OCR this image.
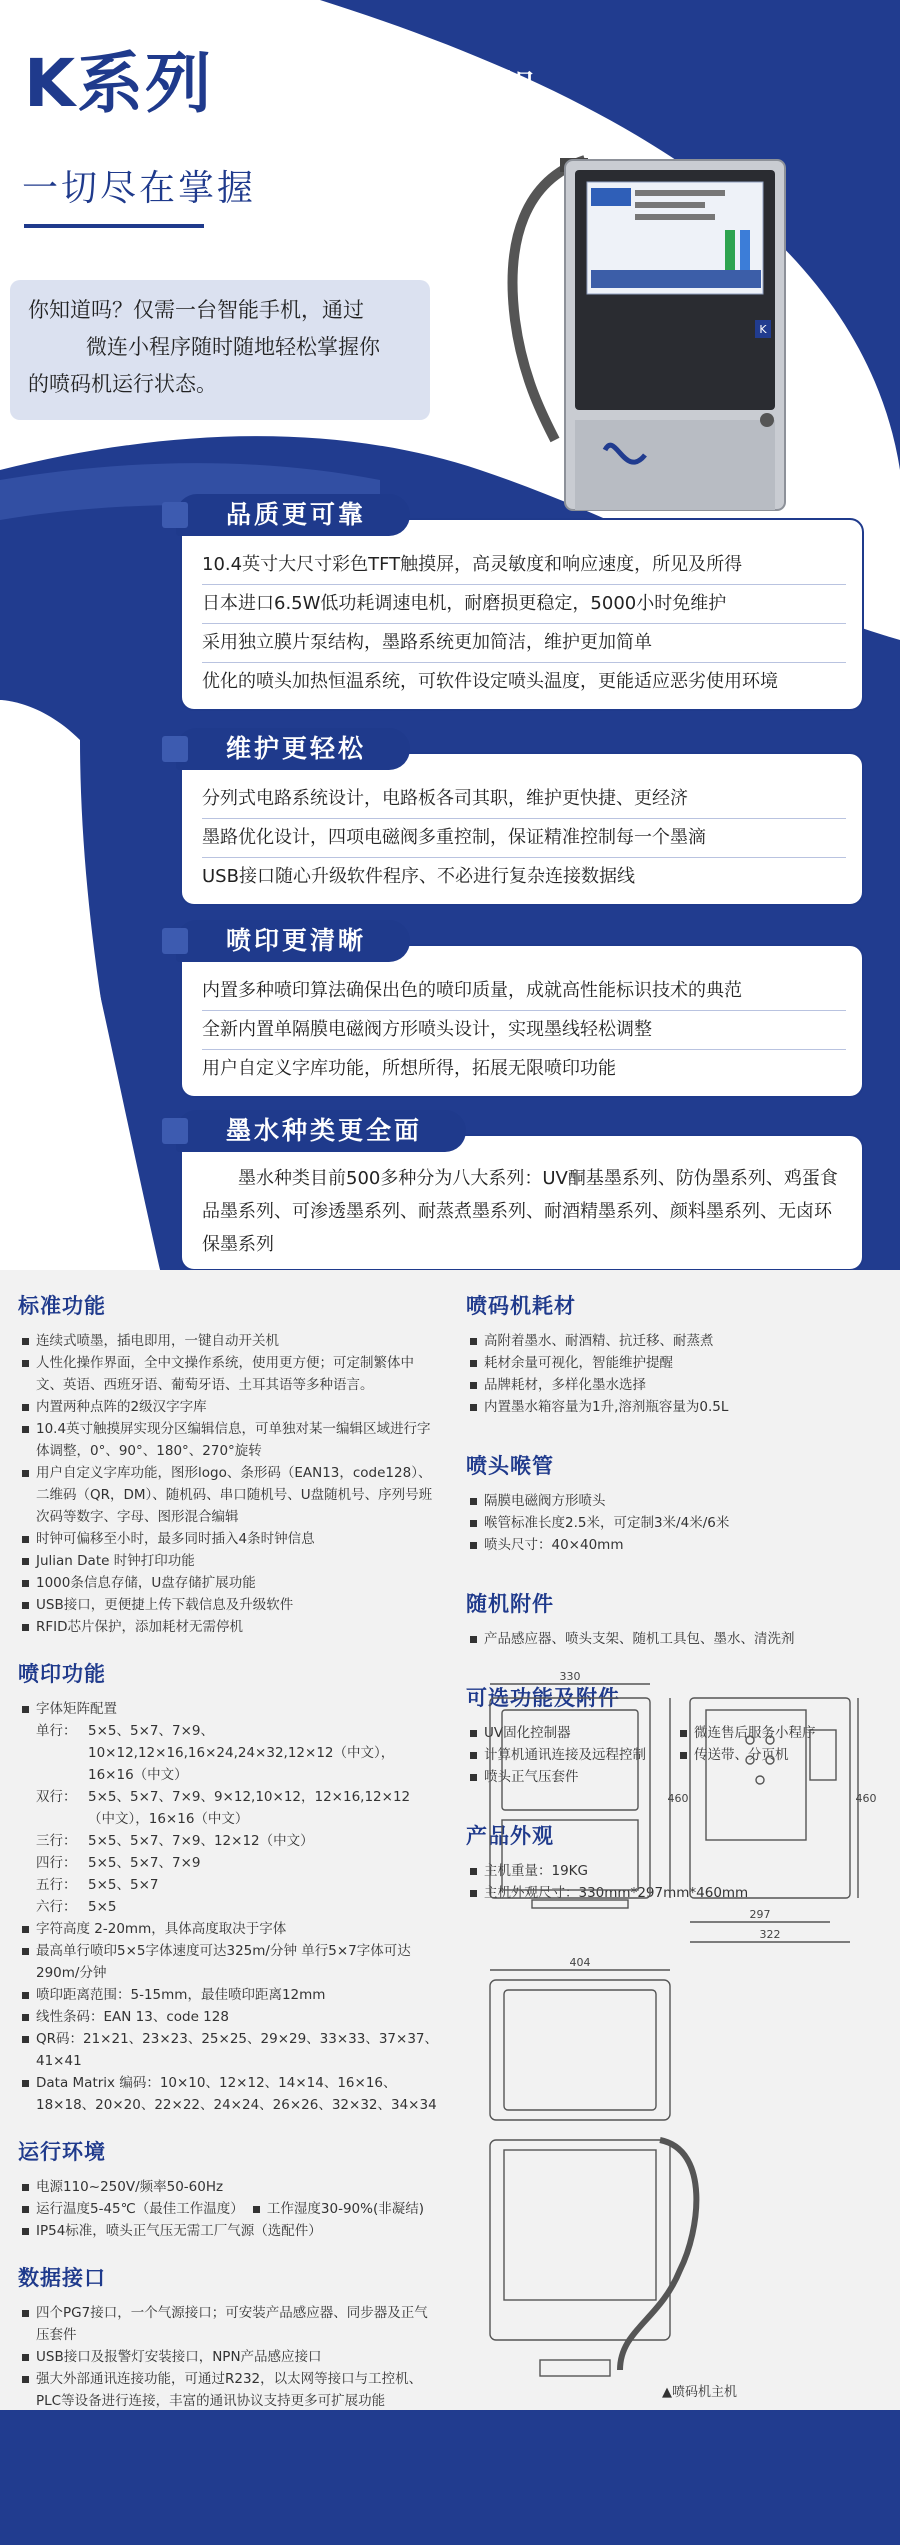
K系列 小字符喷码机
一切尽在掌握

你知道吗？仅需一台智能手机，通过

微连小程序随时随地轻松掌握你

的喷码机运行状态。

K
品质更可靠
10.4英寸大尺寸彩色TFT触摸屏，高灵敏度和响应速度，所见及所得
日本进口6.5W低功耗调速电机，耐磨损更稳定，5000小时免维护
采用独立膜片泵结构，墨路系统更加简洁，维护更加简单
优化的喷头加热恒温系统，可软件设定喷头温度，更能适应恶劣使用环境
维护更轻松
分列式电路系统设计，电路板各司其职，维护更快捷、更经济
墨路优化设计，四项电磁阀多重控制，保证精准控制每一个墨滴
USB接口随心升级软件程序、不必进行复杂连接数据线
喷印更清晰
内置多种喷印算法确保出色的喷印质量，成就高性能标识技术的典范
全新内置单隔膜电磁阀方形喷头设计，实现墨线轻松调整
用户自定义字库功能，所想所得，拓展无限喷印功能
墨水种类更全面
墨水种类目前500多种分为八大系列：UV酮基墨系列、防伪墨系列、鸡蛋食品墨系列、可渗透墨系列、耐蒸煮墨系列、耐酒精墨系列、颜料墨系列、无卤环保墨系列
标准功能
连续式喷墨，插电即用，一键自动开关机
人性化操作界面，全中文操作系统，使用更方便；可定制繁体中文、英语、西班牙语、葡萄牙语、土耳其语等多种语言。
内置两种点阵的2级汉字字库
10.4英寸触摸屏实现分区编辑信息，可单独对某一编辑区域进行字体调整，0°、90°、180°、270°旋转
用户自定义字库功能，图形logo、条形码（EAN13，code128）、二维码（QR，DM）、随机码、串口随机号、U盘随机号、序列号班次码等数字、字母、图形混合编辑
时钟可偏移至小时，最多同时插入4条时钟信息
Julian Date 时钟打印功能
1000条信息存储，U盘存储扩展功能
USB接口，更便捷上传下载信息及升级软件
RFID芯片保护，添加耗材无需停机
喷印功能
字体矩阵配置
单行： 5×5、5×7、7×9、10×12,12×16,16×24,24×32,12×12（中文），16×16（中文）
双行： 5×5、5×7、7×9、9×12,10×12，12×16,12×12（中文），16×16（中文）
三行： 5×5、5×7、7×9、12×12（中文）
四行： 5×5、5×7、7×9
五行： 5×5、5×7
六行： 5×5
字符高度 2-20mm，具体高度取决于字体
最高单行喷印5×5字体速度可达325m/分钟 单行5×7字体可达290m/分钟
喷印距离范围：5-15mm，最佳喷印距离12mm
线性条码：EAN 13、code 128
QR码：21×21、23×23、25×25、29×29、33×33、37×37、41×41
Data Matrix 编码：10×10、12×12、14×14、16×16、18×18、20×20、22×22、24×24、26×26、32×32、34×34
运行环境
电源110~250V/频率50-60Hz
运行温度5-45℃（最佳工作温度）	工作湿度30-90%(非凝结)
IP54标准，喷头正气压无需工厂气源（选配件）
数据接口
四个PG7接口，一个气源接口；可安装产品感应器、同步器及正气压套件
USB接口及报警灯安装接口，NPN产品感应接口
强大外部通讯连接功能，可通过R232，以太网等接口与工控机、PLC等设备进行连接，丰富的通讯协议支持更多可扩展功能
喷码机耗材
高附着墨水、耐酒精、抗迁移、耐蒸煮
耗材余量可视化，智能维护提醒
品牌耗材，多样化墨水选择
内置墨水箱容量为1升,溶剂瓶容量为0.5L
喷头喉管
隔膜电磁阀方形喷头
喉管标准长度2.5米，可定制3米/4米/6米
喷头尺寸：40×40mm
随机附件
产品感应器、喷头支架、随机工具包、墨水、清洗剂
可选功能及附件
UV固化控制器	微连售后服务小程序
计算机通讯连接及远程控制	传送带、分页机
喷头正气压套件
产品外观
主机重量：19KG
主机外观尺寸：330mm*297mm*460mm
330
460	460
297
322
404
▲喷码机主机
